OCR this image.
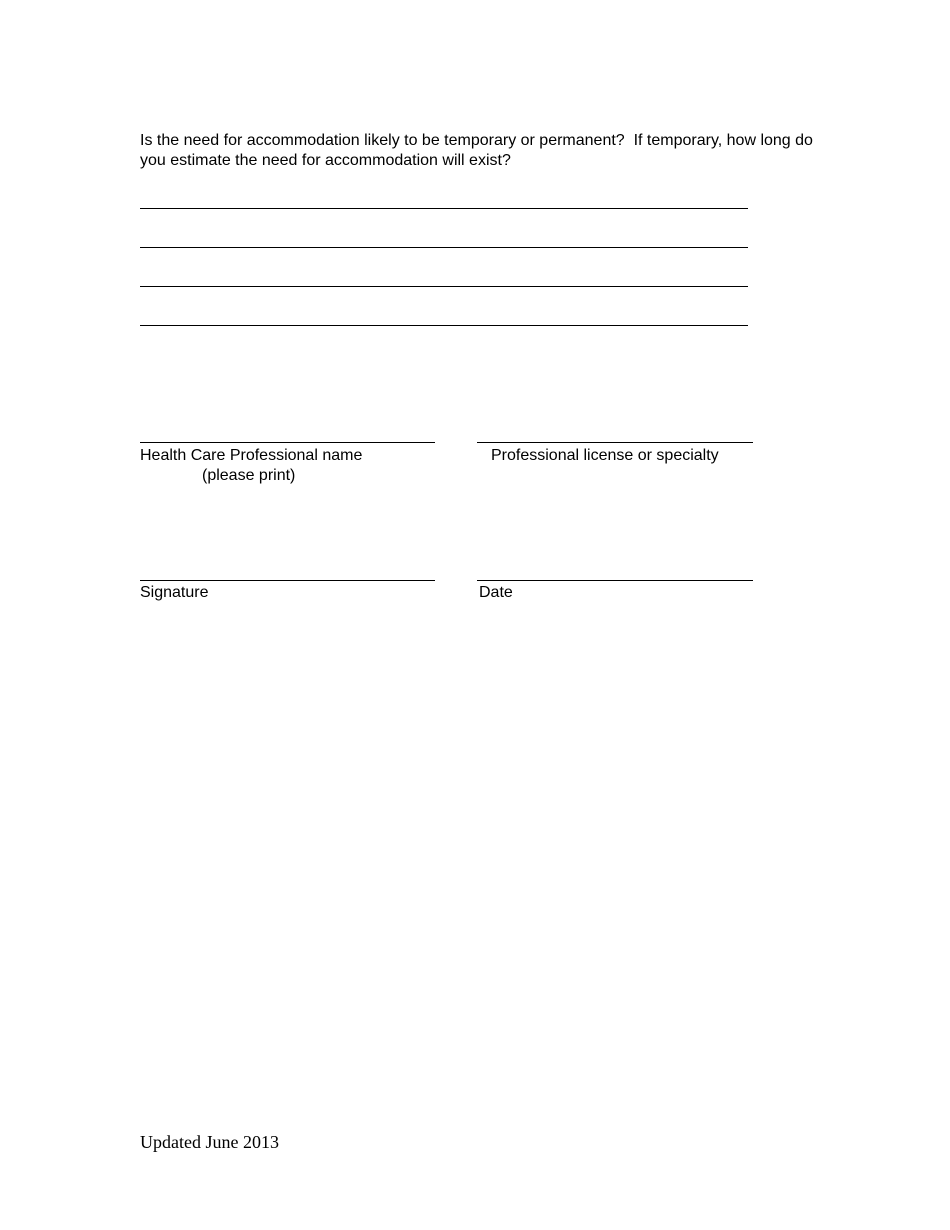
Is the need for accommodation likely to be temporary or permanent?  If temporary, how long do you estimate the need for accommodation will exist?

Health Care Professional name

(please print)

Professional license or specialty

Signature	Date

Updated June 2013
